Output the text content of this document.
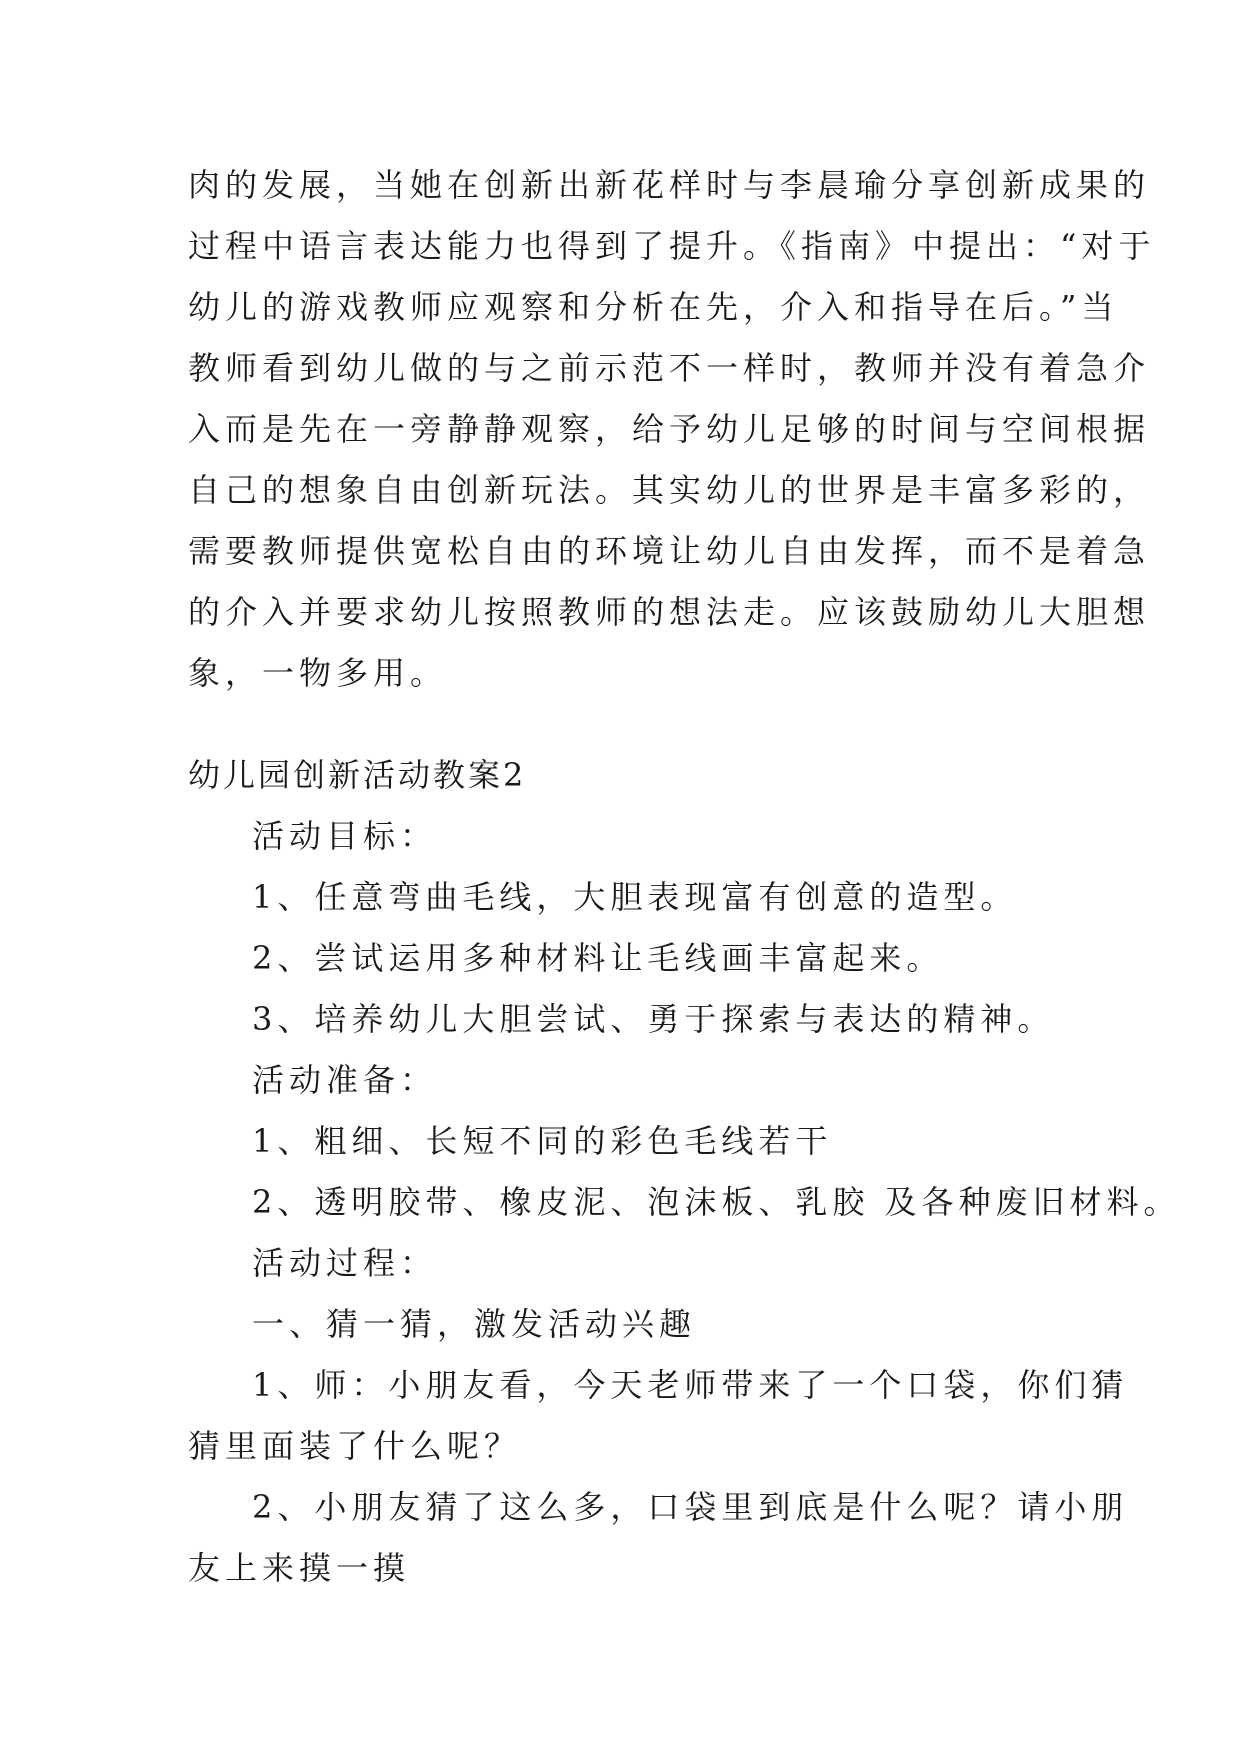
肉的发展，当她在创新出新花样时与李晨瑜分享创新成果的
过程中语言表达能力也得到了提升。《指南》中提出：“对于
幼儿的游戏教师应观察和分析在先，介入和指导在后。”当
教师看到幼儿做的与之前示范不一样时，教师并没有着急介
入而是先在一旁静静观察，给予幼儿足够的时间与空间根据
自己的想象自由创新玩法。其实幼儿的世界是丰富多彩的，
需要教师提供宽松自由的环境让幼儿自由发挥，而不是着急
的介入并要求幼儿按照教师的想法走。应该鼓励幼儿大胆想
象，一物多用。
幼儿园创新活动教案2
活动目标：
1、任意弯曲毛线，大胆表现富有创意的造型。
2、尝试运用多种材料让毛线画丰富起来。
3、培养幼儿大胆尝试、勇于探索与表达的精神。
活动准备：
1、粗细、长短不同的彩色毛线若干
2、透明胶带、橡皮泥、泡沫板、乳胶 及各种废旧材料。
活动过程：
一、猜一猜，激发活动兴趣
1、师：小朋友看，今天老师带来了一个口袋，你们猜
猜里面装了什么呢？
2、小朋友猜了这么多，口袋里到底是什么呢？请小朋
友上来摸一摸
